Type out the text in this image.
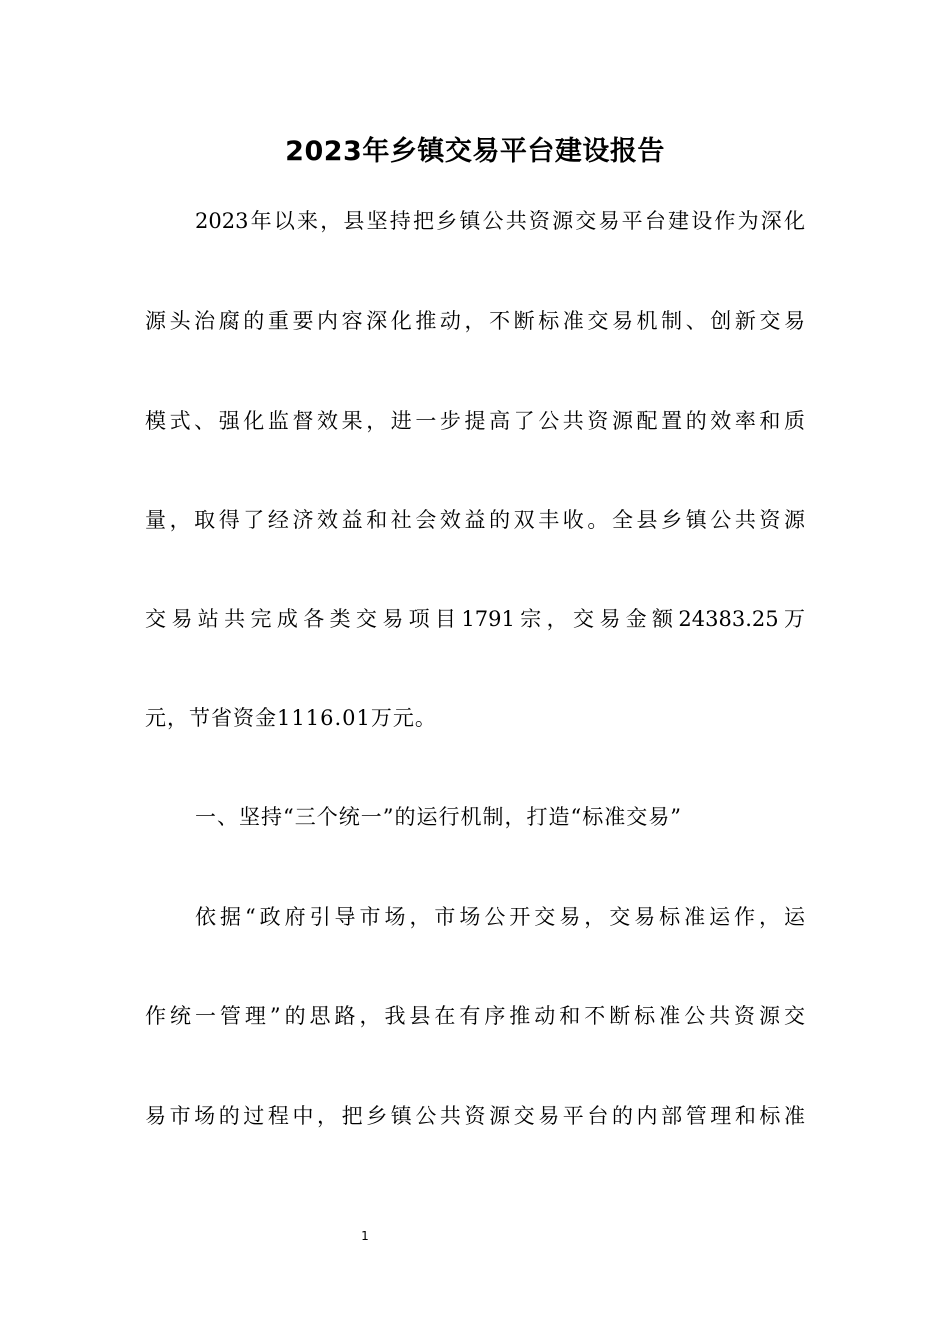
2023年乡镇交易平台建设报告
2023年以来，县坚持把乡镇公共资源交易平台建设作为深化
源头治腐的重要内容深化推动，不断标准交易机制、创新交易
模式、强化监督效果，进一步提高了公共资源配置的效率和质
量，取得了经济效益和社会效益的双丰收。全县乡镇公共资源
交易站共完成各类交易项目1791宗，交易金额24383.25万
元，节省资金1116.01万元。
一、坚持“三个统一”的运行机制，打造“标准交易”
依据“政府引导市场，市场公开交易，交易标准运作，运
作统一管理”的思路，我县在有序推动和不断标准公共资源交
易市场的过程中，把乡镇公共资源交易平台的内部管理和标准
1
